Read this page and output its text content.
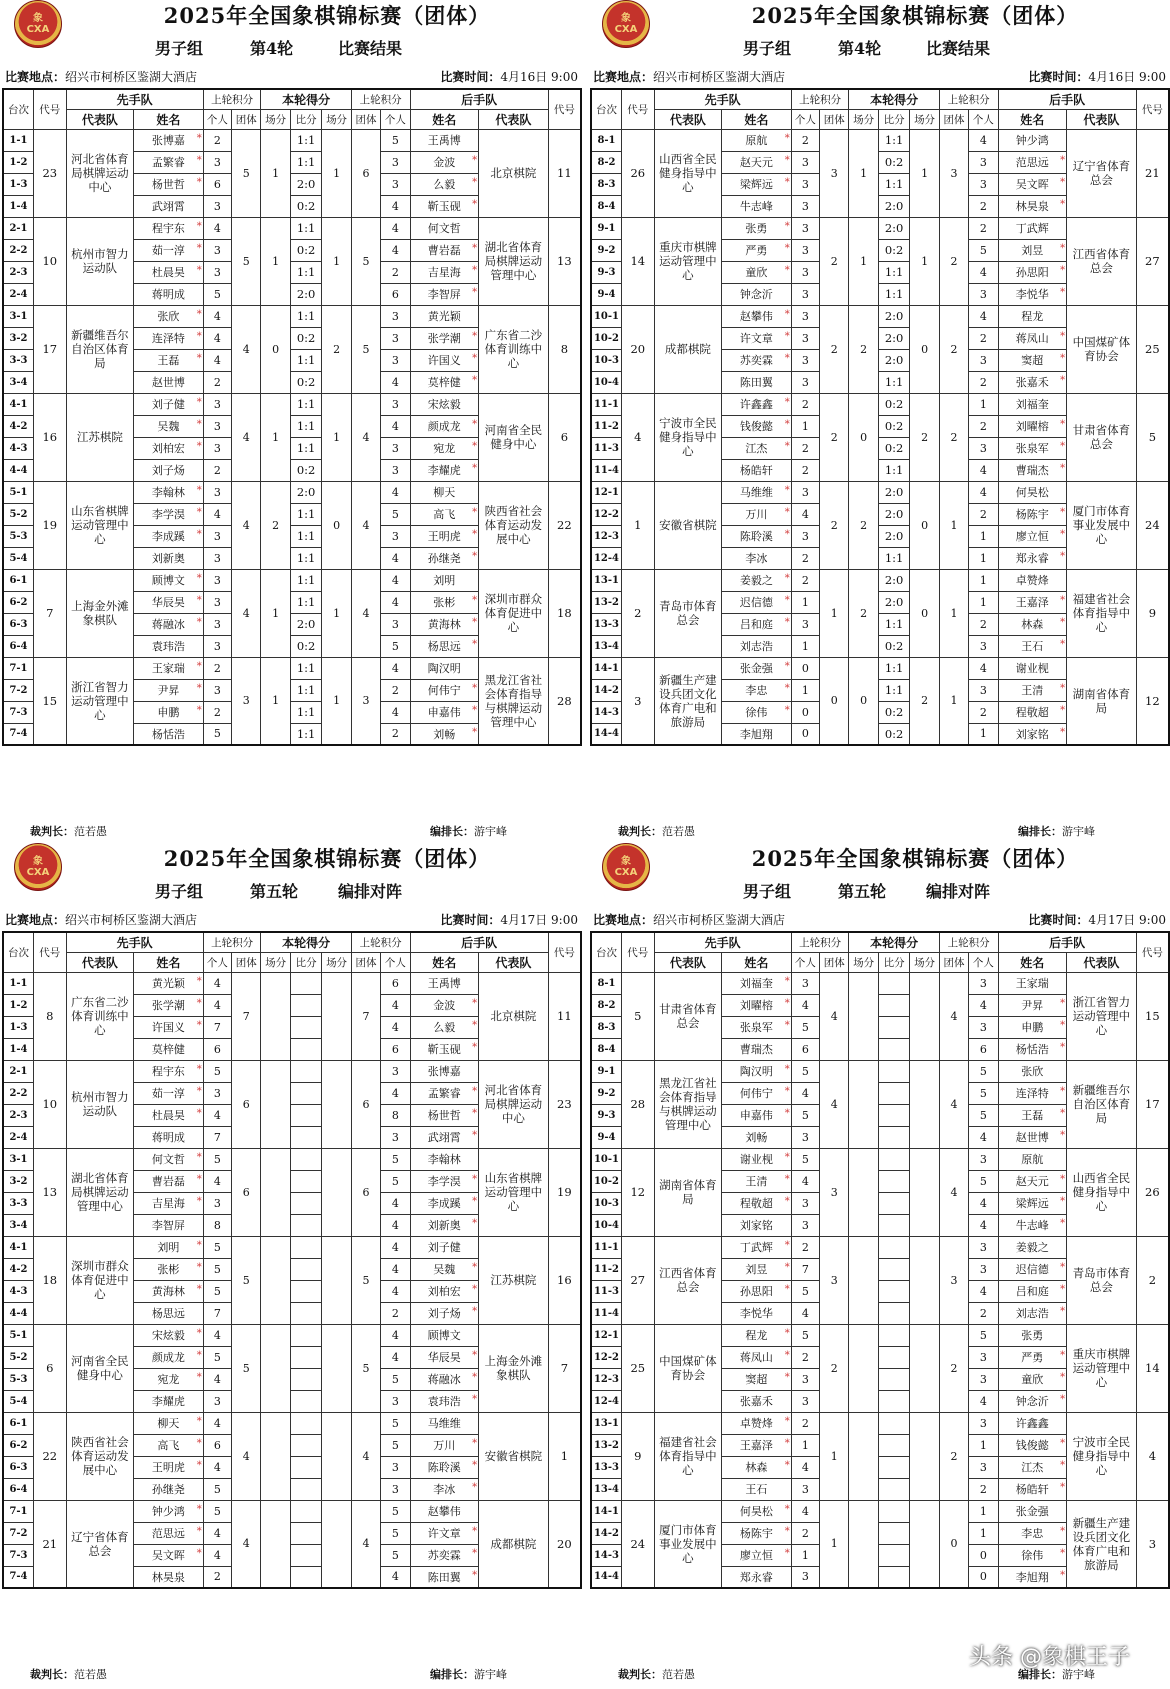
象
CXA
2025年全国象棋锦标赛（团体）
男子组	第4轮	比赛结果
比赛地点：绍兴市柯桥区鉴湖大酒店	比赛时间：4月16日 9:00
台次	代号	先手队		上轮积分		本轮得分			上轮积分		后手队		代号
		代表队	姓名	个人	团体	场分	比分	场分	团体	个人	姓名	代表队	
1-1	23	河北省体育局棋牌运动中心	张博嘉 *	2	5	1	1:1	1	6	5	王禹博	北京棋院	11
1-2			孟繁睿 *	3			1:1			3	金波 *		

1-3			杨世哲 *	6			2:0			3	么毅 *		

1-4			武翊霄	3			0:2			4	靳玉砚 *		

2-1	10	杭州市智力运动队	程宇东 *	4	5	1	1:1	1	5	4	何文哲	湖北省体育局棋牌运动管理中心	13
2-2			茹一淳 *	3			0:2			4	曹岩磊 *		

2-3			杜晨昊 *	3			1:1			2	吉星海 *		

2-4			蒋明成	5			2:0			6	李智屏 *		

3-1	17	新疆维吾尔自治区体育局	张欣 *	4	4	0	1:1	2	5	3	黄光颖	广东省二沙体育训练中心	8
3-2			连泽特 *	4			0:2			3	张学潮 *		

3-3			王磊 *	4			1:1			3	许国义 *		

3-4			赵世博	2			0:2			4	莫梓健 *		

4-1	16	江苏棋院	刘子健 *	3	4	1	1:1	1	4	3	宋炫毅	河南省全民健身中心	6
4-2			吴魏 *	3			1:1			4	颜成龙 *		

4-3			刘柏宏 *	3			1:1			3	宛龙 *		

4-4			刘子炀	2			0:2			3	李耀虎 *		

5-1	19	山东省棋牌运动管理中心	李翰林 *	3	4	2	2:0	0	4	4	柳天	陕西省社会体育运动发展中心	22
5-2			李学淏 *	4			1:1			5	高飞 *		

5-3			李成蹊 *	3			1:1			3	王明虎 *		

5-4			刘新奥	3			1:1			4	孙继尧 *		

6-1	7	上海金外滩象棋队	顾博文 *	3	4	1	1:1	1	4	4	刘明	深圳市群众体育促进中心	18
6-2			华辰昊 *	3			1:1			4	张彬 *		

6-3			蒋融冰 *	3			2:0			3	黄海林 *		

6-4			袁玮浩	3			0:2			5	杨思远 *		

7-1	15	浙江省智力运动管理中心	王家瑞 *	2	3	1	1:1	1	3	4	陶汉明	黑龙江省社会体育指导与棋牌运动管理中心	28
7-2			尹昇 *	3			1:1			2	何伟宁 *		

7-3			申鹏 *	2			1:1			4	申嘉伟 *		

7-4			杨恬浩	5			1:1			2	刘畅 *		
裁判长：范若愚	编排长：游宇峰
象
CXA
2025年全国象棋锦标赛（团体）
男子组	第4轮	比赛结果
比赛地点：绍兴市柯桥区鉴湖大酒店	比赛时间：4月16日 9:00
台次	代号	先手队		上轮积分		本轮得分			上轮积分		后手队		代号
		代表队	姓名	个人	团体	场分	比分	场分	团体	个人	姓名	代表队	
8-1	26	山西省全民健身指导中心	原航 *	2	3	1	1:1	1	3	4	钟少鸿	辽宁省体育总会	21
8-2			赵天元 *	3			0:2			3	范思远 *		

8-3			梁辉远 *	3			1:1			3	吴文晖 *		

8-4			牛志峰	3			2:0			2	林昊泉 *		

9-1	14	重庆市棋牌运动管理中心	张勇 *	3	2	1	2:0	1	2	2	丁武辉	江西省体育总会	27
9-2			严勇 *	3			0:2			5	刘昱 *		

9-3			童欣 *	3			1:1			4	孙思阳 *		

9-4			钟念沂	3			1:1			3	李悦华 *		

10-1	20	成都棋院	赵攀伟 *	3	2	2	2:0	0	2	4	程龙	中国煤矿体育协会	25
10-2			许文章 *	3			2:0			2	蒋凤山 *		

10-3			苏奕霖 *	3			2:0			3	窦超 *		

10-4			陈田翼	3			1:1			2	张嘉禾 *		

11-1	4	宁波市全民健身指导中心	许鑫鑫 *	2	2	0	0:2	2	2	1	刘福奎	甘肃省体育总会	5
11-2			钱俊懿 *	1			0:2			2	刘曜榕 *		

11-3			江杰 *	2			0:2			3	张泉军 *		

11-4			杨皓轩	2			1:1			4	曹瑞杰 *		

12-1	1	安徽省棋院	马维维 *	3	2	2	2:0	0	1	4	何昊松	厦门市体育事业发展中心	24
12-2			万川 *	4			2:0			2	杨陈宇 *		

12-3			陈聆溪 *	3			2:0			1	廖立恒 *		

12-4			李冰	2			1:1			1	郑永睿 *		

13-1	2	青岛市体育总会	姜毅之 *	2	1	2	2:0	0	1	1	卓赞烽	福建省社会体育指导中心	9
13-2			迟信德 *	1			2:0			1	王嘉泽 *		

13-3			吕和庭 *	3			1:1			2	林森 *		

13-4			刘志浩	1			0:2			3	王石 *		

14-1	3	新疆生产建设兵团文化体育广电和旅游局	张金强 *	0	0	0	1:1	2	1	4	谢业枧	湖南省体育局	12
14-2			李忠 *	1			1:1			3	王清 *		

14-3			徐伟 *	0			0:2			2	程敬超 *		

14-4			李旭翔	0			0:2			1	刘家铭 *		
裁判长：范若愚	编排长：游宇峰
象
CXA
2025年全国象棋锦标赛（团体）
男子组	第五轮 编排对阵
比赛地点：绍兴市柯桥区鉴湖大酒店	比赛时间：4月17日 9:00
台次	代号	先手队		上轮积分		本轮得分			上轮积分		后手队		代号
		代表队	姓名	个人	团体	场分	比分	场分	团体	个人	姓名	代表队	
1-1	8	广东省二沙体育训练中心	黄光颖 *	4	7				7	6	王禹博	北京棋院	11
1-2			张学潮 *	4						4	金波 *		

1-3			许国义 *	7						4	么毅 *		

1-4			莫梓健	6						6	靳玉砚 *		

2-1	10	杭州市智力运动队	程宇东 *	5	6				6	3	张博嘉	河北省体育局棋牌运动中心	23
2-2			茹一淳 *	3						4	孟繁睿 *		

2-3			杜晨昊 *	4						8	杨世哲 *		

2-4			蒋明成	7						3	武翊霄 *		

3-1	13	湖北省体育局棋牌运动管理中心	何文哲 *	5	6				6	5	李翰林	山东省棋牌运动管理中心	19
3-2			曹岩磊 *	4						5	李学淏 *		

3-3			吉星海 *	3						4	李成蹊 *		

3-4			李智屏	8						4	刘新奥 *		

4-1	18	深圳市群众体育促进中心	刘明 *	5	5				5	4	刘子健	江苏棋院	16
4-2			张彬 *	5						4	吴魏 *		

4-3			黄海林 *	5						4	刘柏宏 *		

4-4			杨思远	7						2	刘子炀 *		

5-1	6	河南省全民健身中心	宋炫毅 *	4	5				5	4	顾博文	上海金外滩象棋队	7
5-2			颜成龙 *	5						4	华辰昊 *		

5-3			宛龙 *	4						5	蒋融冰 *		

5-4			李耀虎	3						3	袁玮浩 *		

6-1	22	陕西省社会体育运动发展中心	柳天 *	4	4				4	5	马维维	安徽省棋院	1
6-2			高飞 *	6						5	万川 *		

6-3			王明虎 *	4						3	陈聆溪 *		

6-4			孙继尧	5						3	李冰 *		

7-1	21	辽宁省体育总会	钟少鸿 *	5	4				4	5	赵攀伟	成都棋院	20
7-2			范思远 *	4						5	许文章 *		

7-3			吴文晖 *	4						5	苏奕霖 *		

7-4			林昊泉	2						4	陈田翼 *		
裁判长：范若愚	编排长：游宇峰
象
CXA
2025年全国象棋锦标赛（团体）
男子组	第五轮 编排对阵
比赛地点：绍兴市柯桥区鉴湖大酒店	比赛时间：4月17日 9:00
台次	代号	先手队		上轮积分		本轮得分			上轮积分		后手队		代号
		代表队	姓名	个人	团体	场分	比分	场分	团体	个人	姓名	代表队	
8-1	5	甘肃省体育总会	刘福奎 *	3	4				4	3	王家瑞	浙江省智力运动管理中心	15
8-2			刘曜榕 *	4						4	尹昇 *		

8-3			张泉军 *	5						3	申鹏 *		

8-4			曹瑞杰	6						6	杨恬浩 *		

9-1	28	黑龙江省社会体育指导与棋牌运动管理中心	陶汉明 *	5	4				4	5	张欣	新疆维吾尔自治区体育局	17
9-2			何伟宁 *	4						5	连泽特 *		

9-3			申嘉伟 *	5						5	王磊 *		

9-4			刘畅	3						4	赵世博 *		

10-1	12	湖南省体育局	谢业枧 *	5	3				4	3	原航	山西省全民健身指导中心	26
10-2			王清 *	4						5	赵天元 *		

10-3			程敬超 *	3						4	梁辉远 *		

10-4			刘家铭	3						4	牛志峰 *		

11-1	27	江西省体育总会	丁武辉 *	2	3				3	3	姜毅之	青岛市体育总会	2
11-2			刘昱 *	7						3	迟信德 *		

11-3			孙思阳 *	5						4	吕和庭 *		

11-4			李悦华	4						2	刘志浩 *		

12-1	25	中国煤矿体育协会	程龙 *	5	2				2	5	张勇	重庆市棋牌运动管理中心	14
12-2			蒋凤山 *	2						3	严勇 *		

12-3			窦超 *	3						3	童欣 *		

12-4			张嘉禾	3						4	钟念沂 *		

13-1	9	福建省社会体育指导中心	卓赞烽 *	2	1				2	3	许鑫鑫	宁波市全民健身指导中心	4
13-2			王嘉泽 *	1						1	钱俊懿 *		

13-3			林森 *	4						3	江杰 *		

13-4			王石	3						2	杨皓轩 *		

14-1	24	厦门市体育事业发展中心	何昊松 *	4	1				0	1	张金强	新疆生产建设兵团文化体育广电和旅游局	3
14-2			杨陈宇 *	2						1	李忠 *		

14-3			廖立恒 *	1						0	徐伟 *		

14-4			郑永睿	3						0	李旭翔 *		
裁判长：范若愚	编排长：游宇峰
头条 @象棋王子
